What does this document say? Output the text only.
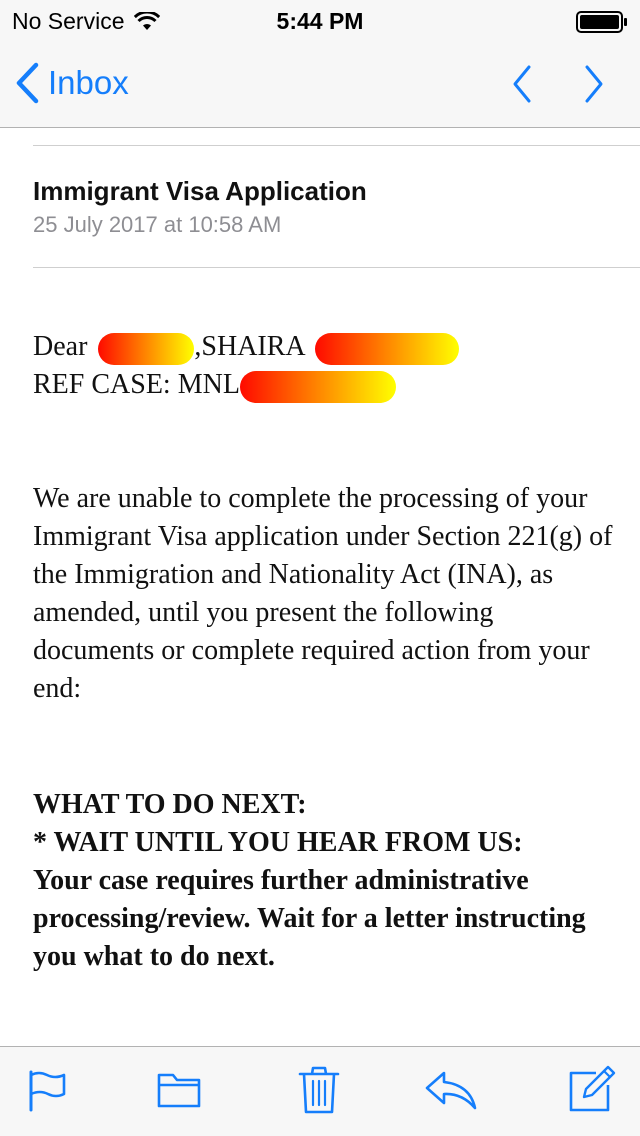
No Service	5:44 PM
Inbox
Immigrant Visa Application
25 July 2017 at 10:58 AM
Dear	,SHAIRA
REF CASE: MNL
We are unable to complete the processing of your Immigrant Visa application under Section 221(g) of the Immigration and Nationality Act (INA), as amended, until you present the following documents or complete required action from your end:
WHAT TO DO NEXT:
* WAIT UNTIL YOU HEAR FROM US:
Your case requires further administrative processing/review. Wait for a letter instructing you what to do next.
